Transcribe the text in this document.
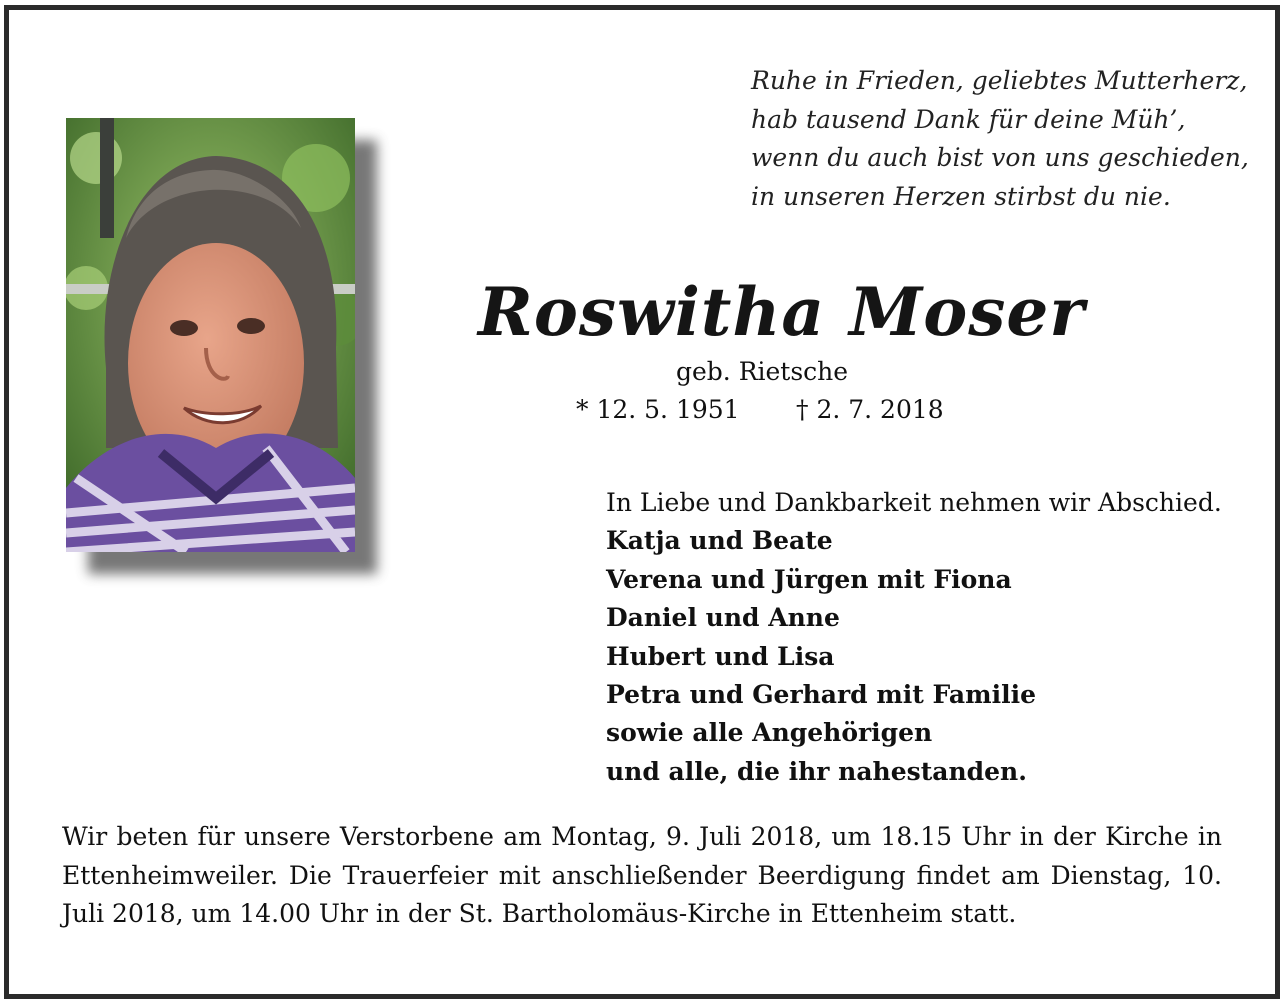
Ruhe in Frieden, geliebtes Mutterherz,
hab tausend Dank für deine Müh’,
wenn du auch bist von uns geschieden,
in unseren Herzen stirbst du nie.
Roswitha Moser
geb. Rietsche
* 12. 5. 1951 † 2. 7. 2018
In Liebe und Dankbarkeit nehmen wir Abschied.
Katja und Beate
Verena und Jürgen mit Fiona
Daniel und Anne
Hubert und Lisa
Petra und Gerhard mit Familie
sowie alle Angehörigen
und alle, die ihr nahestanden.
Wir beten für unsere Verstorbene am Montag, 9. Juli 2018, um 18.15 Uhr in der Kirche in Ettenheimweiler. Die Trauerfeier mit anschließender Beerdigung findet am Dienstag, 10. Juli 2018, um 14.00 Uhr in der St. Bartholomäus-Kirche in Ettenheim statt.
